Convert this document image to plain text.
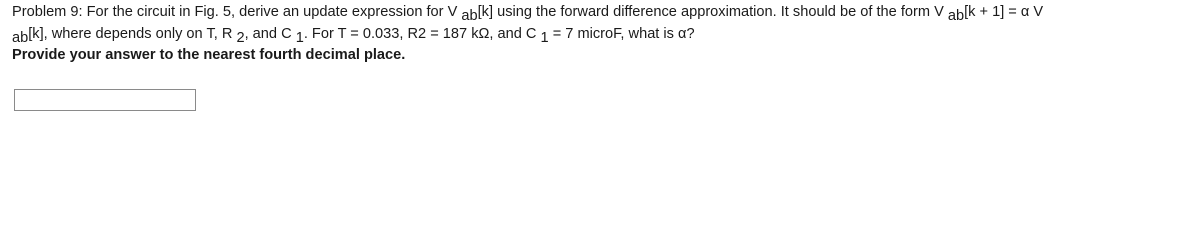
Problem 9: For the circuit in Fig. 5, derive an update expression for V ab[k] using the forward difference approximation. It should be of the form V ab[k + 1] = α V
ab[k], where depends only on T, R 2, and C 1. For T = 0.033, R2 = 187 kΩ, and C 1 = 7 microF, what is α?
Provide your answer to the nearest fourth decimal place.
